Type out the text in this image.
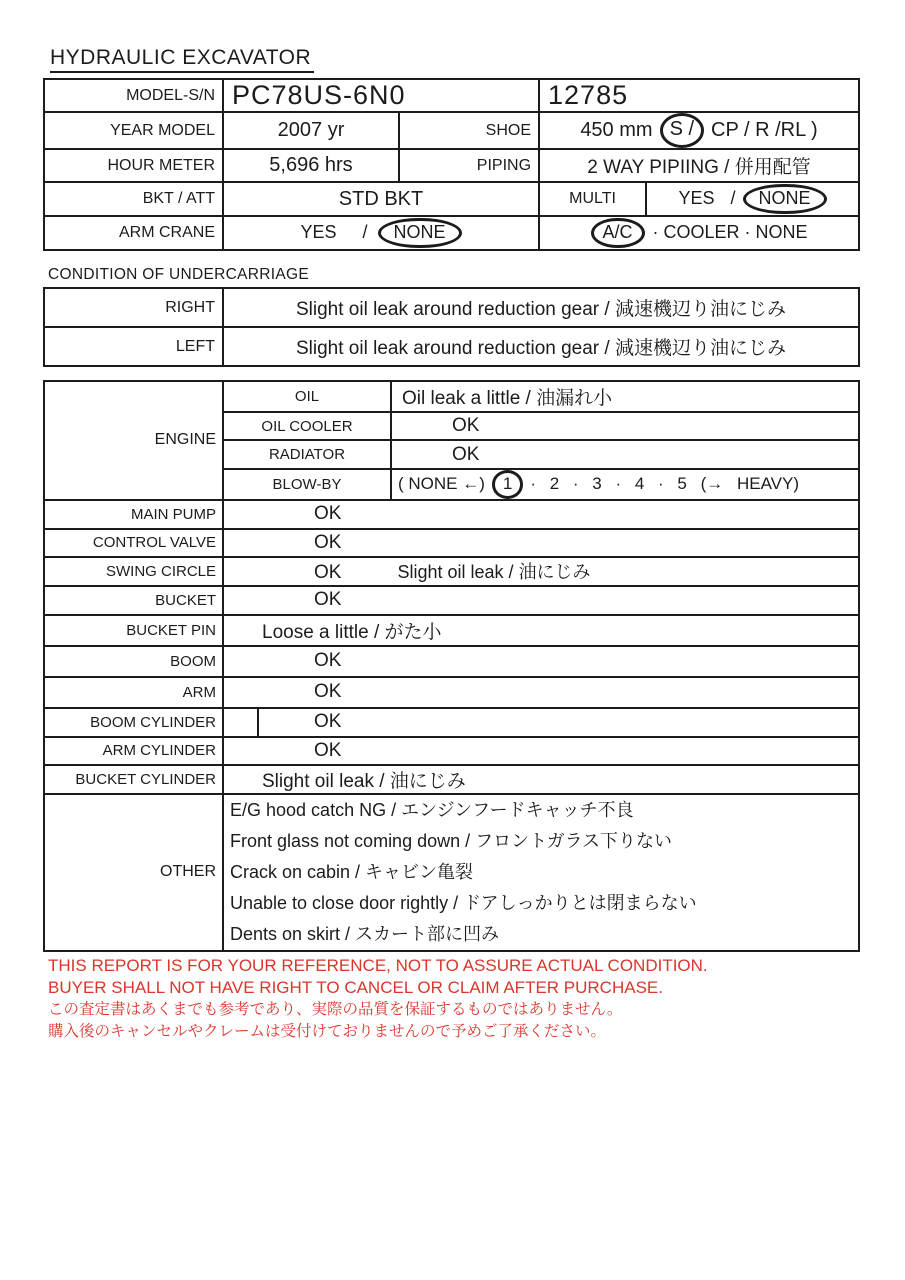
HYDRAULIC EXCAVATOR
MODEL-S/N	PC78US-6N0		12785	
YEAR MODEL	2007 yr	SHOE	450 mm S / CP / R /RL )	

HOUR METER	5,696 hrs	PIPING	2 WAY PIPIING / 併用配管	
BKT / ATT	STD BKT		MULTI	YES / NONE

ARM CRANE	YES / NONE		A/C · COOLER · NONE	
CONDITION OF UNDERCARRIAGE
RIGHT	Slight oil leak around reduction gear / 減速機辺り油にじみ
LEFT	Slight oil leak around reduction gear / 減速機辺り油にじみ
ENGINE	OIL	Oil leak a little / 油漏れ小
	OIL COOLER	OK
	RADIATOR	OK
	BLOW-BY	( NONE ←) 1 · 2 · 3 · 4 · 5 (→ HEAVY)

MAIN PUMP	OK	
CONTROL VALVE	OK	
SWING CIRCLE	OK Slight oil leak / 油にじみ	
BUCKET	OK	
BUCKET PIN	Loose a little / がた小	
BOOM	OK	
ARM	OK	
BOOM CYLINDER	OK	
ARM CYLINDER	OK	
BUCKET CYLINDER	Slight oil leak / 油にじみ	
OTHER	E/G hood catch NG / エンジンフードキャッチ不良
Front glass not coming down / フロントガラス下りない
Crack on cabin / キャビン亀裂
Unable to close door rightly / ドアしっかりとは閉まらない
Dents on skirt / スカート部に凹み	
THIS REPORT IS FOR YOUR REFERENCE, NOT TO ASSURE ACTUAL CONDITION.
BUYER SHALL NOT HAVE RIGHT TO CANCEL OR CLAIM AFTER PURCHASE.
この査定書はあくまでも参考であり、実際の品質を保証するものではありません。
購入後のキャンセルやクレームは受付けておりませんので予めご了承ください。
